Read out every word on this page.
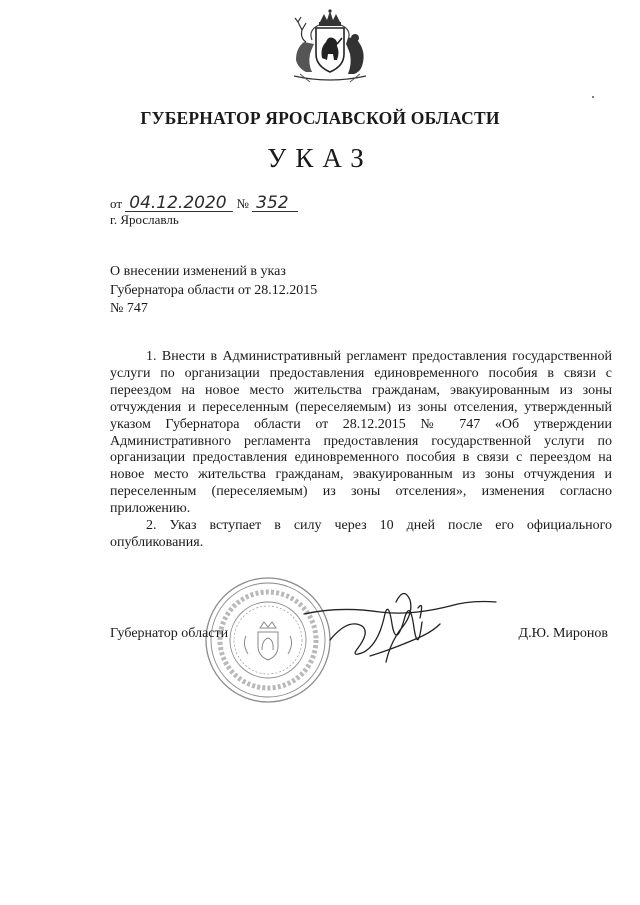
ГУБЕРНАТОР ЯРОСЛАВСКОЙ ОБЛАСТИ
УКАЗ
от 04.12.2020 № 352
г. Ярославль
О внесении изменений в указ
Губернатора области от 28.12.2015
№ 747

1. Внести в Административный регламент предоставления государственной услуги по организации предоставления единовременного пособия в связи с переездом на новое место жительства гражданам, эвакуированным из зоны отчуждения и переселенным (переселяемым) из зоны отселения, утвержденный указом Губернатора области от 28.12.2015 № 747 «Об утверждении Административного регламента предоставления государственной услуги по организации предоставления единовременного пособия в связи с переездом на новое место жительства гражданам, эвакуированным из зоны отчуждения и переселенным (переселяемым) из зоны отселения», изменения согласно приложению.

2. Указ вступает в силу через 10 дней после его официального опубликования.

Губернатор области	Д.Ю. Миронов
